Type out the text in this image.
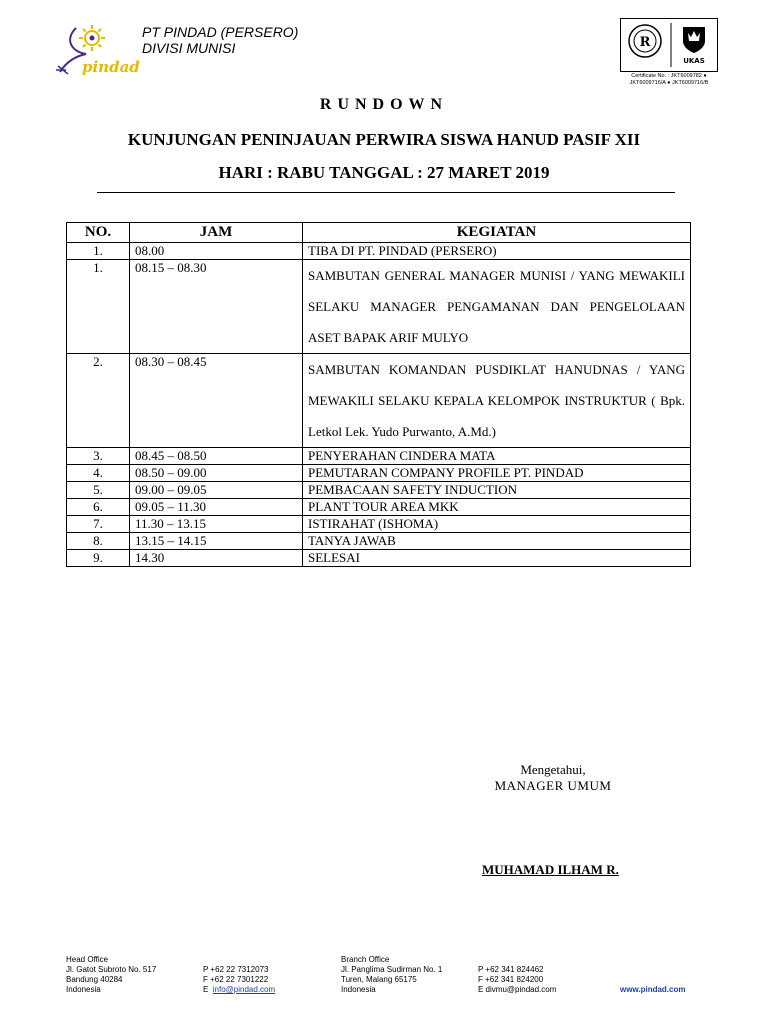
pindad
PT PINDAD (PERSERO)
DIVISI MUNISI	R
UKAS
Certificate No. : JKT6009782 ●
JKT6009716/A ● JKT6009716/B
RUNDOWN
KUNJUNGAN PENINJAUAN PERWIRA SISWA HANUD PASIF XII
HARI : RABU TANGGAL : 27 MARET 2019
NO.	JAM	KEGIATAN
1.	08.00	TIBA DI PT. PINDAD (PERSERO)
1.	08.15 – 08.30	SAMBUTAN GENERAL MANAGER MUNISI / YANG MEWAKILI SELAKU MANAGER PENGAMANAN DAN PENGELOLAAN ASET BAPAK ARIF MULYO
2.	08.30 – 08.45	SAMBUTAN KOMANDAN PUSDIKLAT HANUDNAS / YANG MEWAKILI SELAKU KEPALA KELOMPOK INSTRUKTUR ( Bpk. Letkol Lek. Yudo Purwanto, A.Md.)
3.	08.45 – 08.50	PENYERAHAN CINDERA MATA
4.	08.50 – 09.00	PEMUTARAN COMPANY PROFILE PT. PINDAD
5.	09.00 – 09.05	PEMBACAAN SAFETY INDUCTION
6.	09.05 – 11.30	PLANT TOUR AREA MKK
7.	11.30 – 13.15	ISTIRAHAT (ISHOMA)
8.	13.15 – 14.15	TANYA JAWAB
9.	14.30	SELESAI
Mengetahui,
MANAGER UMUM
MUHAMAD ILHAM R.
Head Office
Jl. Gatot Subroto No. 517
Bandung 40284
Indonesia
P +62 22 7312073
F +62 22 7301222
E  info@pindad.com
Branch Office
Jl. Panglima Sudirman No. 1
Turen, Malang 65175
Indonesia
P +62 341 824462
F +62 341 824200
E divmu@pindad.com	www.pindad.com
